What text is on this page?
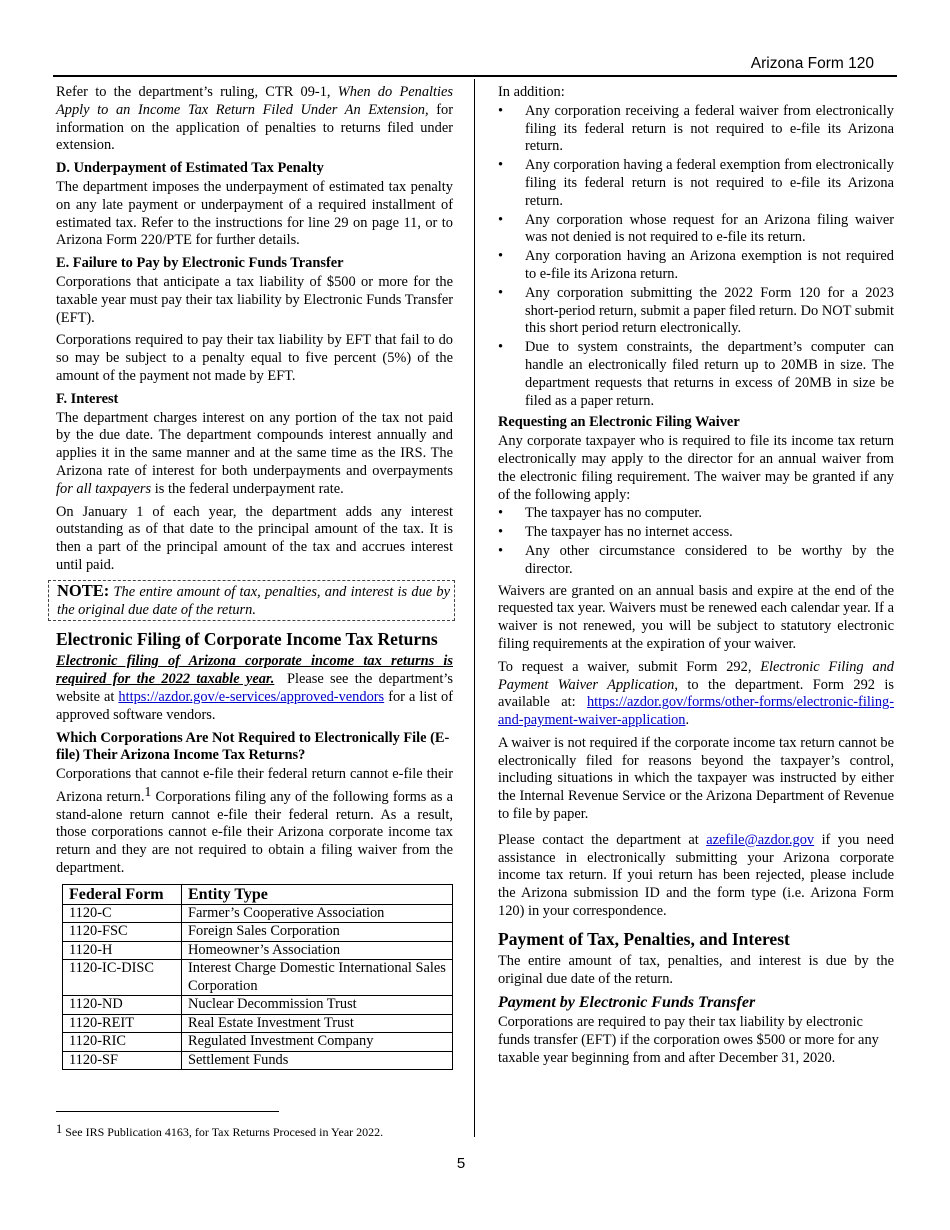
Arizona Form 120

Refer to the department’s ruling, CTR 09-1, When do Penalties Apply to an Income Tax Return Filed Under An Extension, for information on the application of penalties to returns filed under extension.

D. Underpayment of Estimated Tax Penalty

The department imposes the underpayment of estimated tax penalty on any late payment or underpayment of a required installment of estimated tax. Refer to the instructions for line 29 on page 11, or to Arizona Form 220/PTE for further details.

E. Failure to Pay by Electronic Funds Transfer

Corporations that anticipate a tax liability of $500 or more for the taxable year must pay their tax liability by Electronic Funds Transfer (EFT).

Corporations required to pay their tax liability by EFT that fail to do so may be subject to a penalty equal to five percent (5%) of the amount of the payment not made by EFT.

F. Interest

The department charges interest on any portion of the tax not paid by the due date. The department compounds interest annually and applies it in the same manner and at the same time as the IRS. The Arizona rate of interest for both underpayments and overpayments for all taxpayers is the federal underpayment rate.

On January 1 of each year, the department adds any interest outstanding as of that date to the principal amount of the tax. It is then a part of the principal amount of the tax and accrues interest until paid.

NOTE: The entire amount of tax, penalties, and interest is due by the original due date of the return.
Electronic Filing of Corporate Income Tax Returns

Electronic filing of Arizona corporate income tax returns is required for the 2022 taxable year. Please see the department’s website at https://azdor.gov/e-services/approved-vendors for a list of approved software vendors.

Which Corporations Are Not Required to Electronically File (E-file) Their Arizona Income Tax Returns?

Corporations that cannot e-file their federal return cannot e-file their Arizona return.$^1$ Corporations filing any of the following forms as a stand-alone return cannot e-file their federal return. As a result, those corporations cannot e-file their Arizona corporate income tax return and they are not required to obtain a filing waiver from the department.

Federal Form	Entity Type
1120-C	Farmer’s Cooperative Association
1120-FSC	Foreign Sales Corporation
1120-H	Homeowner’s Association
1120-IC-DISC	Interest Charge Domestic International Sales Corporation
1120-ND	Nuclear Decommission Trust
1120-REIT	Real Estate Investment Trust
1120-RIC	Regulated Investment Company
1120-SF	Settlement Funds
$^1$ See IRS Publication 4163, for Tax Returns Procesed in Year 2022.

In addition:

• Any corporation receiving a federal waiver from electronically filing its federal return is not required to e-file its Arizona return.
• Any corporation having a federal exemption from electronically filing its federal return is not required to e-file its Arizona return.
• Any corporation whose request for an Arizona filing waiver was not denied is not required to e-file its return.
• Any corporation having an Arizona exemption is not required to e-file its Arizona return.
• Any corporation submitting the 2022 Form 120 for a 2023 short-period return, submit a paper filed return. Do NOT submit this short period return electronically.
• Due to system constraints, the department’s computer can handle an electronically filed return up to 20MB in size. The department requests that returns in excess of 20MB in size be filed as a paper return.
Requesting an Electronic Filing Waiver

Any corporate taxpayer who is required to file its income tax return electronically may apply to the director for an annual waiver from the electronic filing requirement. The waiver may be granted if any of the following apply:

• The taxpayer has no computer.
• The taxpayer has no internet access.
• Any other circumstance considered to be worthy by the director.

Waivers are granted on an annual basis and expire at the end of the requested tax year. Waivers must be renewed each calendar year. If a waiver is not renewed, you will be subject to statutory electronic filing requirements at the expiration of your waiver.

To request a waiver, submit Form 292, Electronic Filing and Payment Waiver Application, to the department. Form 292 is available at: https://azdor.gov/forms/other-forms/electronic-filing-and-payment-waiver-application.

A waiver is not required if the corporate income tax return cannot be electronically filed for reasons beyond the taxpayer’s control, including situations in which the taxpayer was instructed by either the Internal Revenue Service or the Arizona Department of Revenue to file by paper.

Please contact the department at azefile@azdor.gov if you need assistance in electronically submitting your Arizona corporate income tax return. If youi return has been rejected, please include the Arizona submission ID and the form type (i.e. Arizona Form 120) in your correspondence.

Payment of Tax, Penalties, and Interest

The entire amount of tax, penalties, and interest is due by the original due date of the return.

Payment by Electronic Funds Transfer

Corporations are required to pay their tax liability by electronic funds transfer (EFT) if the corporation owes $500 or more for any taxable year beginning from and after December 31, 2020.

5
